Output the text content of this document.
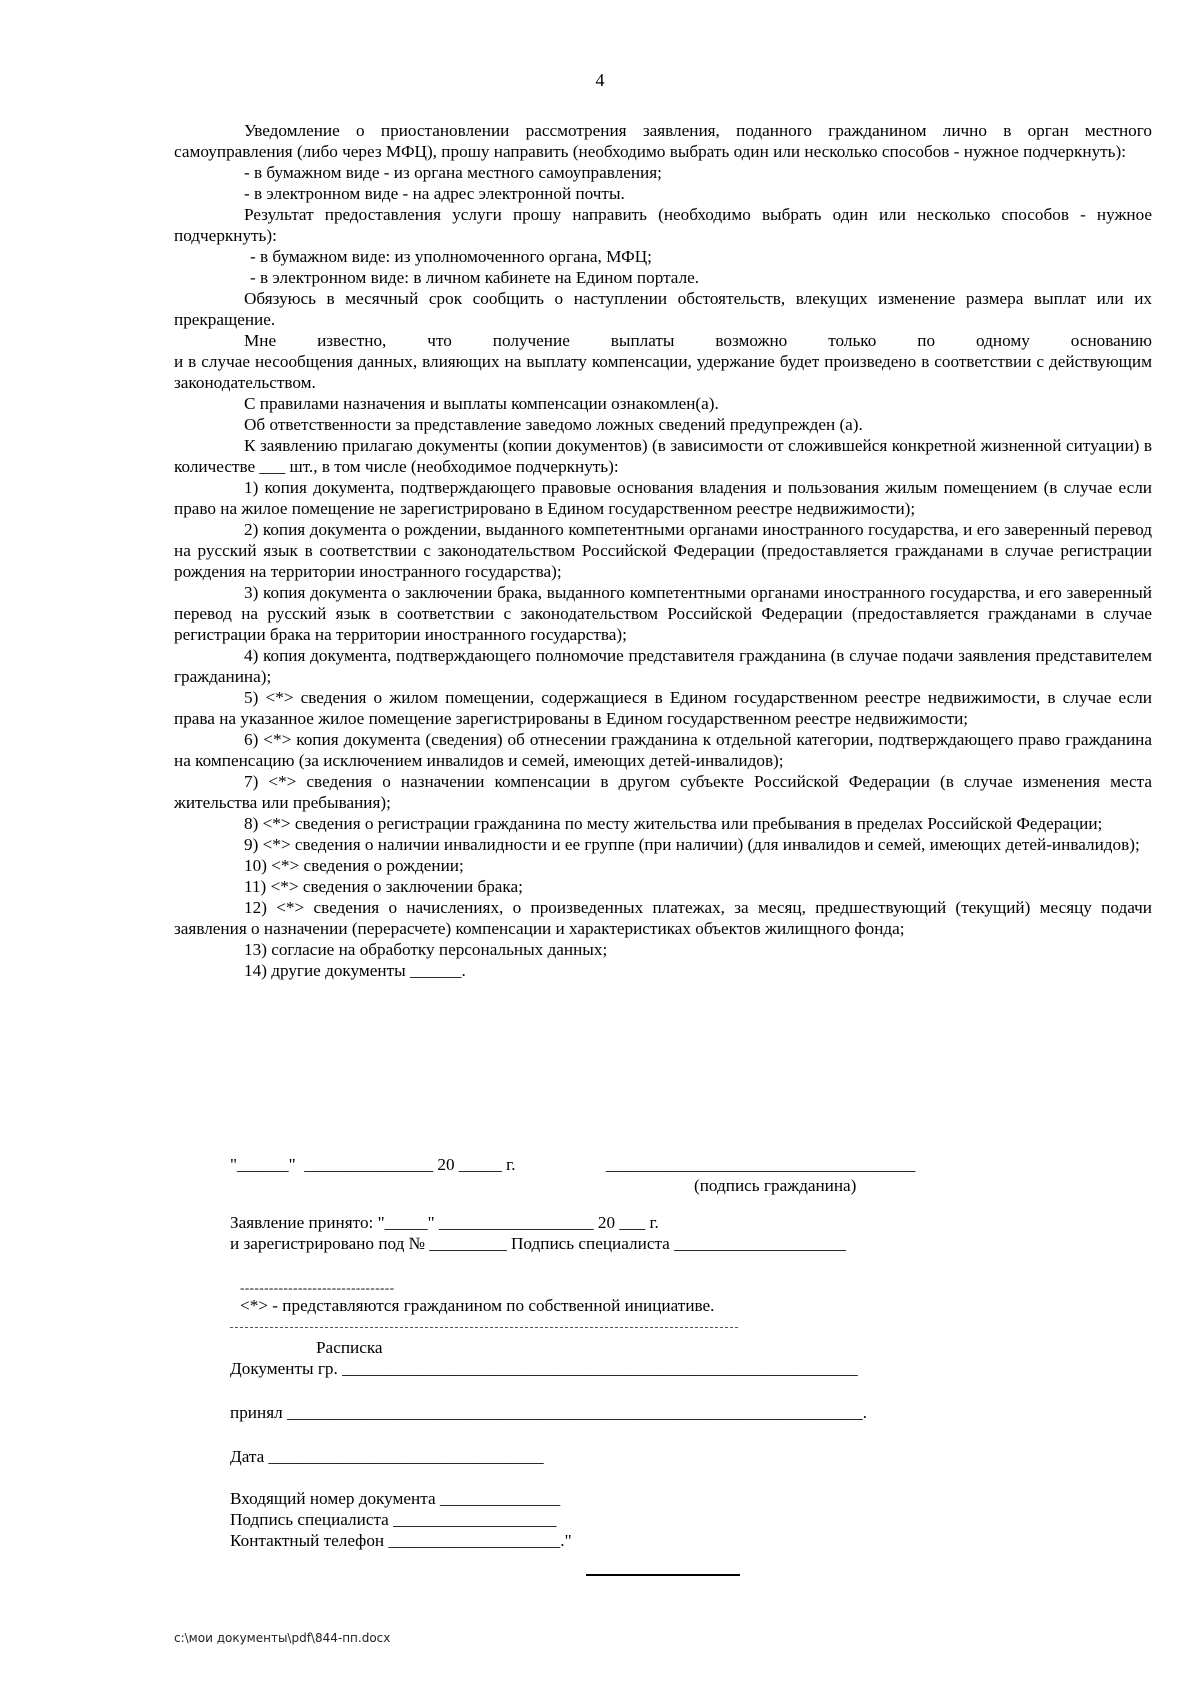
4

Уведомление о приостановлении рассмотрения заявления, поданного гражданином лично в орган местного самоуправления (либо через МФЦ), прошу направить (необходимо выбрать один или несколько способов - нужное подчеркнуть):

- в бумажном виде - из органа местного самоуправления;

- в электронном виде - на адрес электронной почты.

Результат предоставления услуги прошу направить (необходимо выбрать один или несколько способов - нужное подчеркнуть):

- в бумажном виде: из уполномоченного органа, МФЦ;

- в электронном виде: в личном кабинете на Едином портале.

Обязуюсь в месячный срок сообщить о наступлении обстоятельств, влекущих изменение размера выплат или их прекращение.

Мне известно, что получение выплаты возможно только по одному основанию

и в случае несообщения данных, влияющих на выплату компенсации, удержание будет произведено в соответствии с действующим законодательством.

С правилами назначения и выплаты компенсации ознакомлен(а).

Об ответственности за представление заведомо ложных сведений предупрежден (а).

К заявлению прилагаю документы (копии документов) (в зависимости от сложившейся конкретной жизненной ситуации) в количестве ___ шт., в том числе (необходимое подчеркнуть):

1) копия документа, подтверждающего правовые основания владения и пользования жилым помещением (в случае если право на жилое помещение не зарегистрировано в Едином государственном реестре недвижимости);

2) копия документа о рождении, выданного компетентными органами иностранного государства, и его заверенный перевод на русский язык в соответствии с законодательством Российской Федерации (предоставляется гражданами в случае регистрации рождения на территории иностранного государства);

3) копия документа о заключении брака, выданного компетентными органами иностранного государства, и его заверенный перевод на русский язык в соответствии с законодательством Российской Федерации (предоставляется гражданами в случае регистрации брака на территории иностранного государства);

4) копия документа, подтверждающего полномочие представителя гражданина (в случае подачи заявления представителем гражданина);

5) <*> сведения о жилом помещении, содержащиеся в Едином государственном реестре недвижимости, в случае если права на указанное жилое помещение зарегистрированы в Едином государственном реестре недвижимости;

6) <*> копия документа (сведения) об отнесении гражданина к отдельной категории, подтверждающего право гражданина на компенсацию (за исключением инвалидов и семей, имеющих детей-инвалидов);

7) <*> сведения о назначении компенсации в другом субъекте Российской Федерации (в случае изменения места жительства или пребывания);

8) <*> сведения о регистрации гражданина по месту жительства или пребывания в пределах Российской Федерации;

9) <*> сведения о наличии инвалидности и ее группе (при наличии) (для инвалидов и семей, имеющих детей-инвалидов);

10) <*> сведения о рождении;

11) <*> сведения о заключении брака;

12) <*> сведения о начислениях, о произведенных платежах, за месяц, предшествующий (текущий) месяцу подачи заявления о назначении (перерасчете) компенсации и характеристиках объектов жилищного фонда;

13) согласие на обработку персональных данных;

14) другие документы ______.

"______"  _______________ 20 _____ г.	____________________________________
(подпись гражданина)
Заявление принято: "_____" __________________ 20 ___ г.
и зарегистрировано под № _________ Подпись специалиста ____________________
--------------------------------
<*> - представляются гражданином по собственной инициативе.
Расписка
Документы гр. ____________________________________________________________
принял ___________________________________________________________________.
Дата ________________________________
Входящий номер документа ______________
Подпись специалиста ___________________
Контактный телефон ____________________."
c:\мои документы\pdf\844-пп.docx
